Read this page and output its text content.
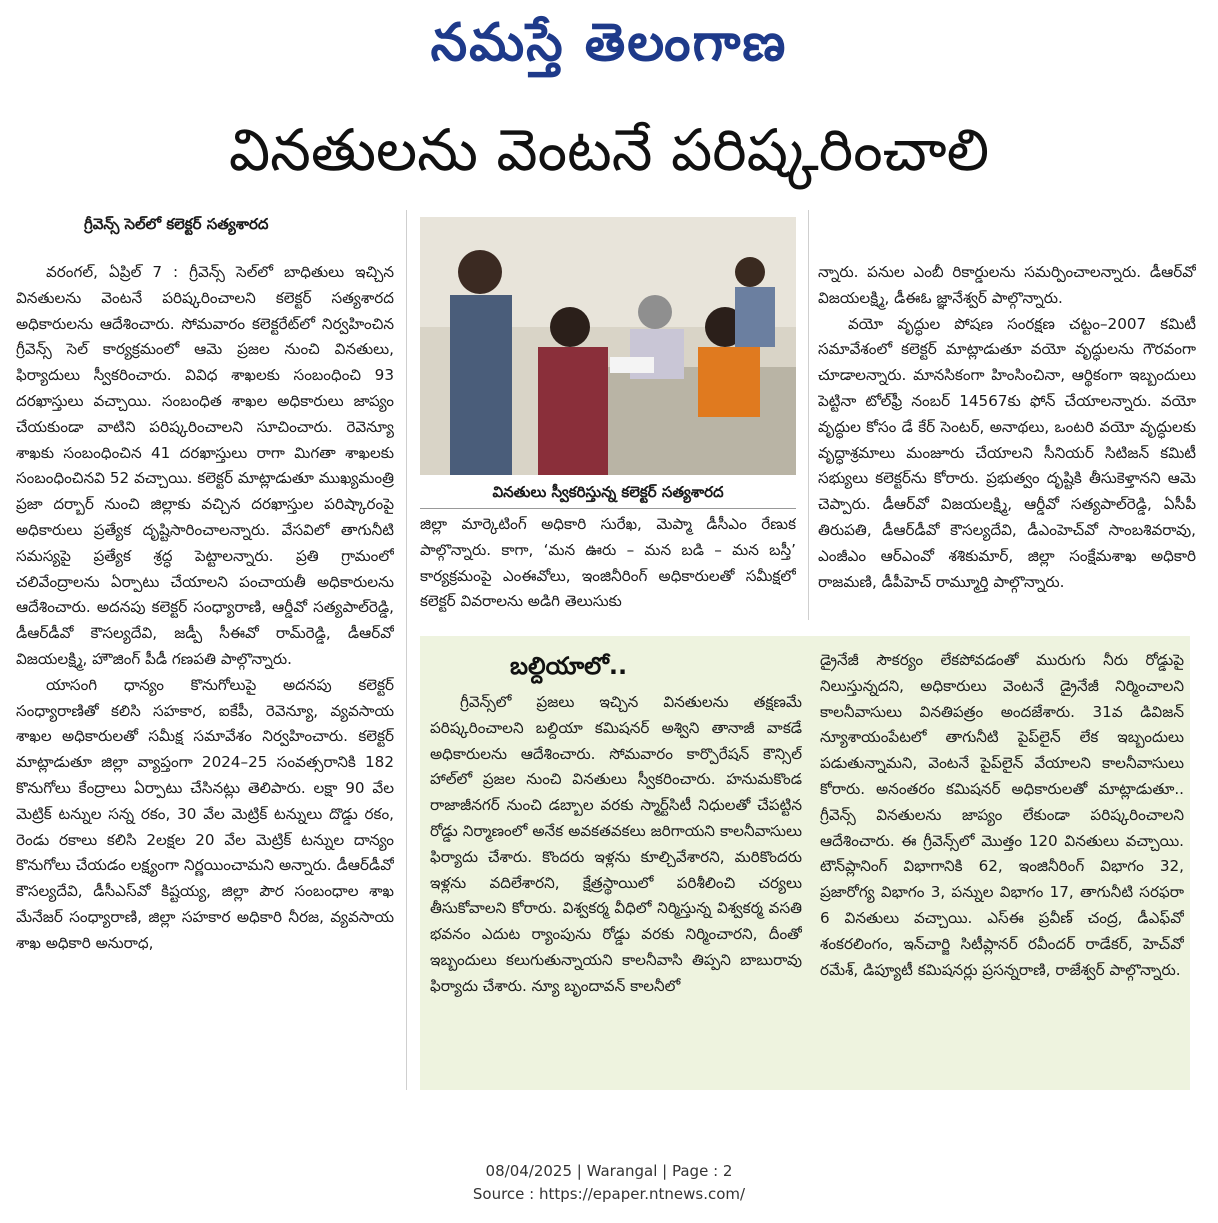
నమస్తే తెలంగాణ
వినతులను వెంటనే పరిష్కరించాలి
గ్రీవెన్స్ సెల్‌లో కలెక్టర్ సత్యశారద

వరంగల్, ఏప్రిల్ 7 : గ్రీవెన్స్ సెల్‌లో బాధితులు ఇచ్చిన వినతులను వెంటనే పరిష్కరించాలని కలెక్టర్ సత్యశారద అధికారులను ఆదేశించారు. సోమవారం కలెక్టరేట్‌లో నిర్వహించిన గ్రీవెన్స్ సెల్ కార్యక్రమంలో ఆమె ప్రజల నుంచి వినతులు, ఫిర్యాదులు స్వీకరించారు. వివిధ శాఖలకు సంబంధించి 93 దరఖాస్తులు వచ్చాయి. సంబంధిత శాఖల అధికారులు జాప్యం చేయకుండా వాటిని పరిష్కరించాలని సూచించారు. రెవెన్యూ శాఖకు సంబంధించిన 41 దరఖాస్తులు రాగా మిగతా శాఖలకు సంబంధించినవి 52 వచ్చాయి. కలెక్టర్ మాట్లాడుతూ ముఖ్యమంత్రి ప్రజా దర్బార్ నుంచి జిల్లాకు వచ్చిన దరఖాస్తుల పరిష్కారంపై అధికారులు ప్రత్యేక దృష్టిసారించాలన్నారు. వేసవిలో తాగునీటి సమస్యపై ప్రత్యేక శ్రద్ధ పెట్టాలన్నారు. ప్రతి గ్రామంలో చలివేంద్రాలను ఏర్పాటు చేయాలని పంచాయతీ అధికారులను ఆదేశించారు. అదనపు కలెక్టర్ సంధ్యారాణి, ఆర్డీవో సత్యపాల్‌రెడ్డి, డీఆర్‌డీవో కౌసల్యదేవి, జడ్పీ సీఈవో రామ్‌రెడ్డి, డీఆర్‌వో విజయలక్ష్మి, హౌజింగ్ పీడీ గణపతి పాల్గొన్నారు.

యాసంగి ధాన్యం కొనుగోలుపై అదనపు కలెక్టర్ సంధ్యారాణితో కలిసి సహకార, ఐకేపీ, రెవెన్యూ, వ్యవసాయ శాఖల అధికారులతో సమీక్ష సమావేశం నిర్వహించారు. కలెక్టర్ మాట్లాడుతూ జిల్లా వ్యాప్తంగా 2024–25 సంవత్సరానికి 182 కొనుగోలు కేంద్రాలు ఏర్పాటు చేసినట్లు తెలిపారు. లక్షా 90 వేల మెట్రిక్ టన్నుల సన్న రకం, 30 వేల మెట్రిక్ టన్నులు దొడ్డు రకం, రెండు రకాలు కలిసి 2లక్షల 20 వేల మెట్రిక్ టన్నుల దాన్యం కొనుగోలు చేయడం లక్ష్యంగా నిర్ణయించామని అన్నారు. డీఆర్‌డీవో కౌసల్యదేవి, డీసీఎస్‌వో కిష్టయ్య, జిల్లా పౌర సంబంధాల శాఖ మేనేజర్ సంధ్యారాణి, జిల్లా సహకార అధికారి నీరజ, వ్యవసాయ శాఖ అధికారి అనురాధ,

వినతులు స్వీకరిస్తున్న కలెక్టర్ సత్యశారద

జిల్లా మార్కెటింగ్ అధికారి సురేఖ, మెప్మా డీసీఎం రేణుక పాల్గొన్నారు. కాగా, ‘మన ఊరు – మన బడి – మన బస్తీ’ కార్యక్రమంపై ఎంఈవోలు, ఇంజినీరింగ్ అధికారులతో సమీక్షలో కలెక్టర్ వివరాలను అడిగి తెలుసుకు

న్నారు. పనుల ఎంబీ రికార్డులను సమర్పించాలన్నారు. డీఆర్‌వో విజయలక్ష్మి, డీఈఓ జ్ఞానేశ్వర్ పాల్గొన్నారు.

వయో వృద్ధుల పోషణ సంరక్షణ చట్టం–2007 కమిటీ సమావేశంలో కలెక్టర్ మాట్లాడుతూ వయో వృద్ధులను గౌరవంగా చూడాలన్నారు. మానసికంగా హింసించినా, ఆర్థికంగా ఇబ్బందులు పెట్టినా టోల్‌ఫ్రీ నంబర్ 14567కు ఫోన్ చేయాలన్నారు. వయో వృద్ధుల కోసం డే కేర్ సెంటర్, అనాథలు, ఒంటరి వయో వృద్ధులకు వృద్ధాశ్రమాలు మంజూరు చేయాలని సీనియర్ సిటిజన్ కమిటీ సభ్యులు కలెక్టర్‌ను కోరారు. ప్రభుత్వం దృష్టికి తీసుకెళ్తానని ఆమె చెప్పారు. డీఆర్‌వో విజయలక్ష్మి, ఆర్డీవో సత్యపాల్‌రెడ్డి, ఏసీపీ తిరుపతి, డీఆర్‌డీవో కౌసల్యదేవి, డీఎంహెచ్‌వో సాంబశివరావు, ఎంజీఎం ఆర్‌ఎంవో శశికుమార్, జిల్లా సంక్షేమశాఖ అధికారి రాజమణి, డీపీహెచ్ రామ్మూర్తి పాల్గొన్నారు.

బల్దియాలో..

గ్రీవెన్స్‌లో ప్రజలు ఇచ్చిన వినతులను తక్షణమే పరిష్కరించాలని బల్దియా కమిషనర్ అశ్విని తానాజీ వాకడే అధికారులను ఆదేశించారు. సోమవారం కార్పొరేషన్ కౌన్సిల్ హాల్‌లో ప్రజల నుంచి వినతులు స్వీకరించారు. హనుమకొండ రాజాజీనగర్ నుంచి డబ్బాల వరకు స్మార్ట్‌సిటీ నిధులతో చేపట్టిన రోడ్డు నిర్మాణంలో అనేక అవకతవకలు జరిగాయని కాలనీవాసులు ఫిర్యాదు చేశారు. కొందరు ఇళ్లను కూల్చివేశారని, మరికొందరు ఇళ్లను వదిలేశారని, క్షేత్రస్థాయిలో పరిశీలించి చర్యలు తీసుకోవాలని కోరారు. విశ్వకర్మ వీధిలో నిర్మిస్తున్న విశ్వకర్మ వసతి భవనం ఎదుట ర్యాంపును రోడ్డు వరకు నిర్మించారని, దీంతో ఇబ్బందులు కలుగుతున్నాయని కాలనీవాసి తిప్పని బాబురావు ఫిర్యాదు చేశారు. న్యూ బృందావన్ కాలనీలో

డ్రైనేజీ సౌకర్యం లేకపోవడంతో మురుగు నీరు రోడ్డుపై నిలుస్తున్నదని, అధికారులు వెంటనే డ్రైనేజీ నిర్మించాలని కాలనీవాసులు వినతిపత్రం అందజేశారు. 31వ డివిజన్ న్యూశాయంపేటలో తాగునీటి పైప్‌లైన్ లేక ఇబ్బందులు పడుతున్నామని, వెంటనే పైప్‌లైన్ వేయాలని కాలనీవాసులు కోరారు. అనంతరం కమిషనర్ అధికారులతో మాట్లాడుతూ.. గ్రీవెన్స్ వినతులను జాప్యం లేకుండా పరిష్కరించాలని ఆదేశించారు. ఈ గ్రీవెన్స్‌లో మొత్తం 120 వినతులు వచ్చాయి. టౌన్‌ప్లానింగ్ విభాగానికి 62, ఇంజినీరింగ్ విభాగం 32, ప్రజారోగ్య విభాగం 3, పన్నుల విభాగం 17, తాగునీటి సరఫరా 6 వినతులు వచ్చాయి. ఎస్‌ఈ ప్రవీణ్ చంద్ర, డీఎఫ్‌వో శంకరలింగం, ఇన్‌చార్జి సిటీప్లానర్ రవీందర్ రాడేకర్, హెచ్‌వో రమేశ్, డిప్యూటీ కమిషనర్లు ప్రసన్నరాణి, రాజేశ్వర్ పాల్గొన్నారు.

08/04/2025 | Warangal | Page : 2
Source : https://epaper.ntnews.com/
